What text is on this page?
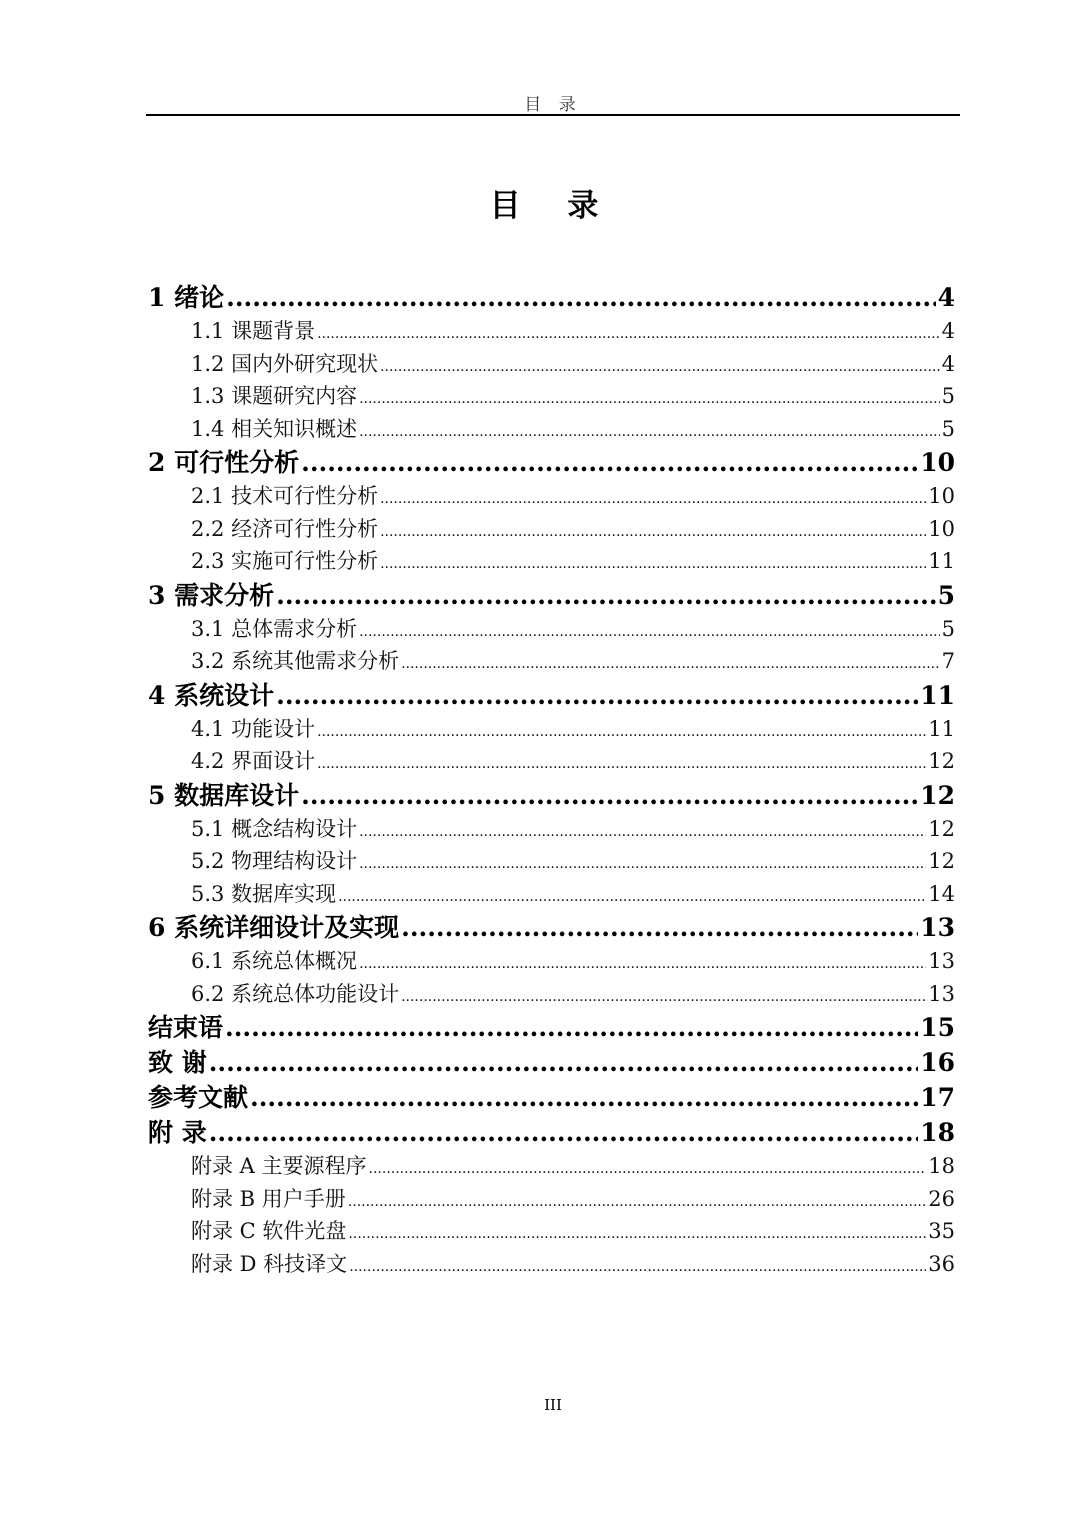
目 录
目 录
1 绪论 .....	4
1.1 课题背景 .....	4
1.2 国内外研究现状 .....	4
1.3 课题研究内容 .....	5
1.4 相关知识概述 .....	5
2 可行性分析 .....	10
2.1 技术可行性分析 .....	10
2.2 经济可行性分析 .....	10
2.3 实施可行性分析 .....	11
3 需求分析 .....	5
3.1 总体需求分析 .....	5
3.2 系统其他需求分析 .....	7
4 系统设计 .....	11
4.1 功能设计 .....	11
4.2 界面设计 .....	12
5 数据库设计 .....	12
5.1 概念结构设计 .....	12
5.2 物理结构设计 .....	12
5.3 数据库实现 .....	14
6 系统详细设计及实现 .....	13
6.1 系统总体概况 .....	13
6.2 系统总体功能设计 .....	13
结束语 .....	15
致 谢 .....	16
参考文献 .....	17
附 录 .....	18
附录 A 主要源程序 .....	18
附录 B 用户手册 .....	26
附录 C 软件光盘 .....	35
附录 D 科技译文 .....	36
III
